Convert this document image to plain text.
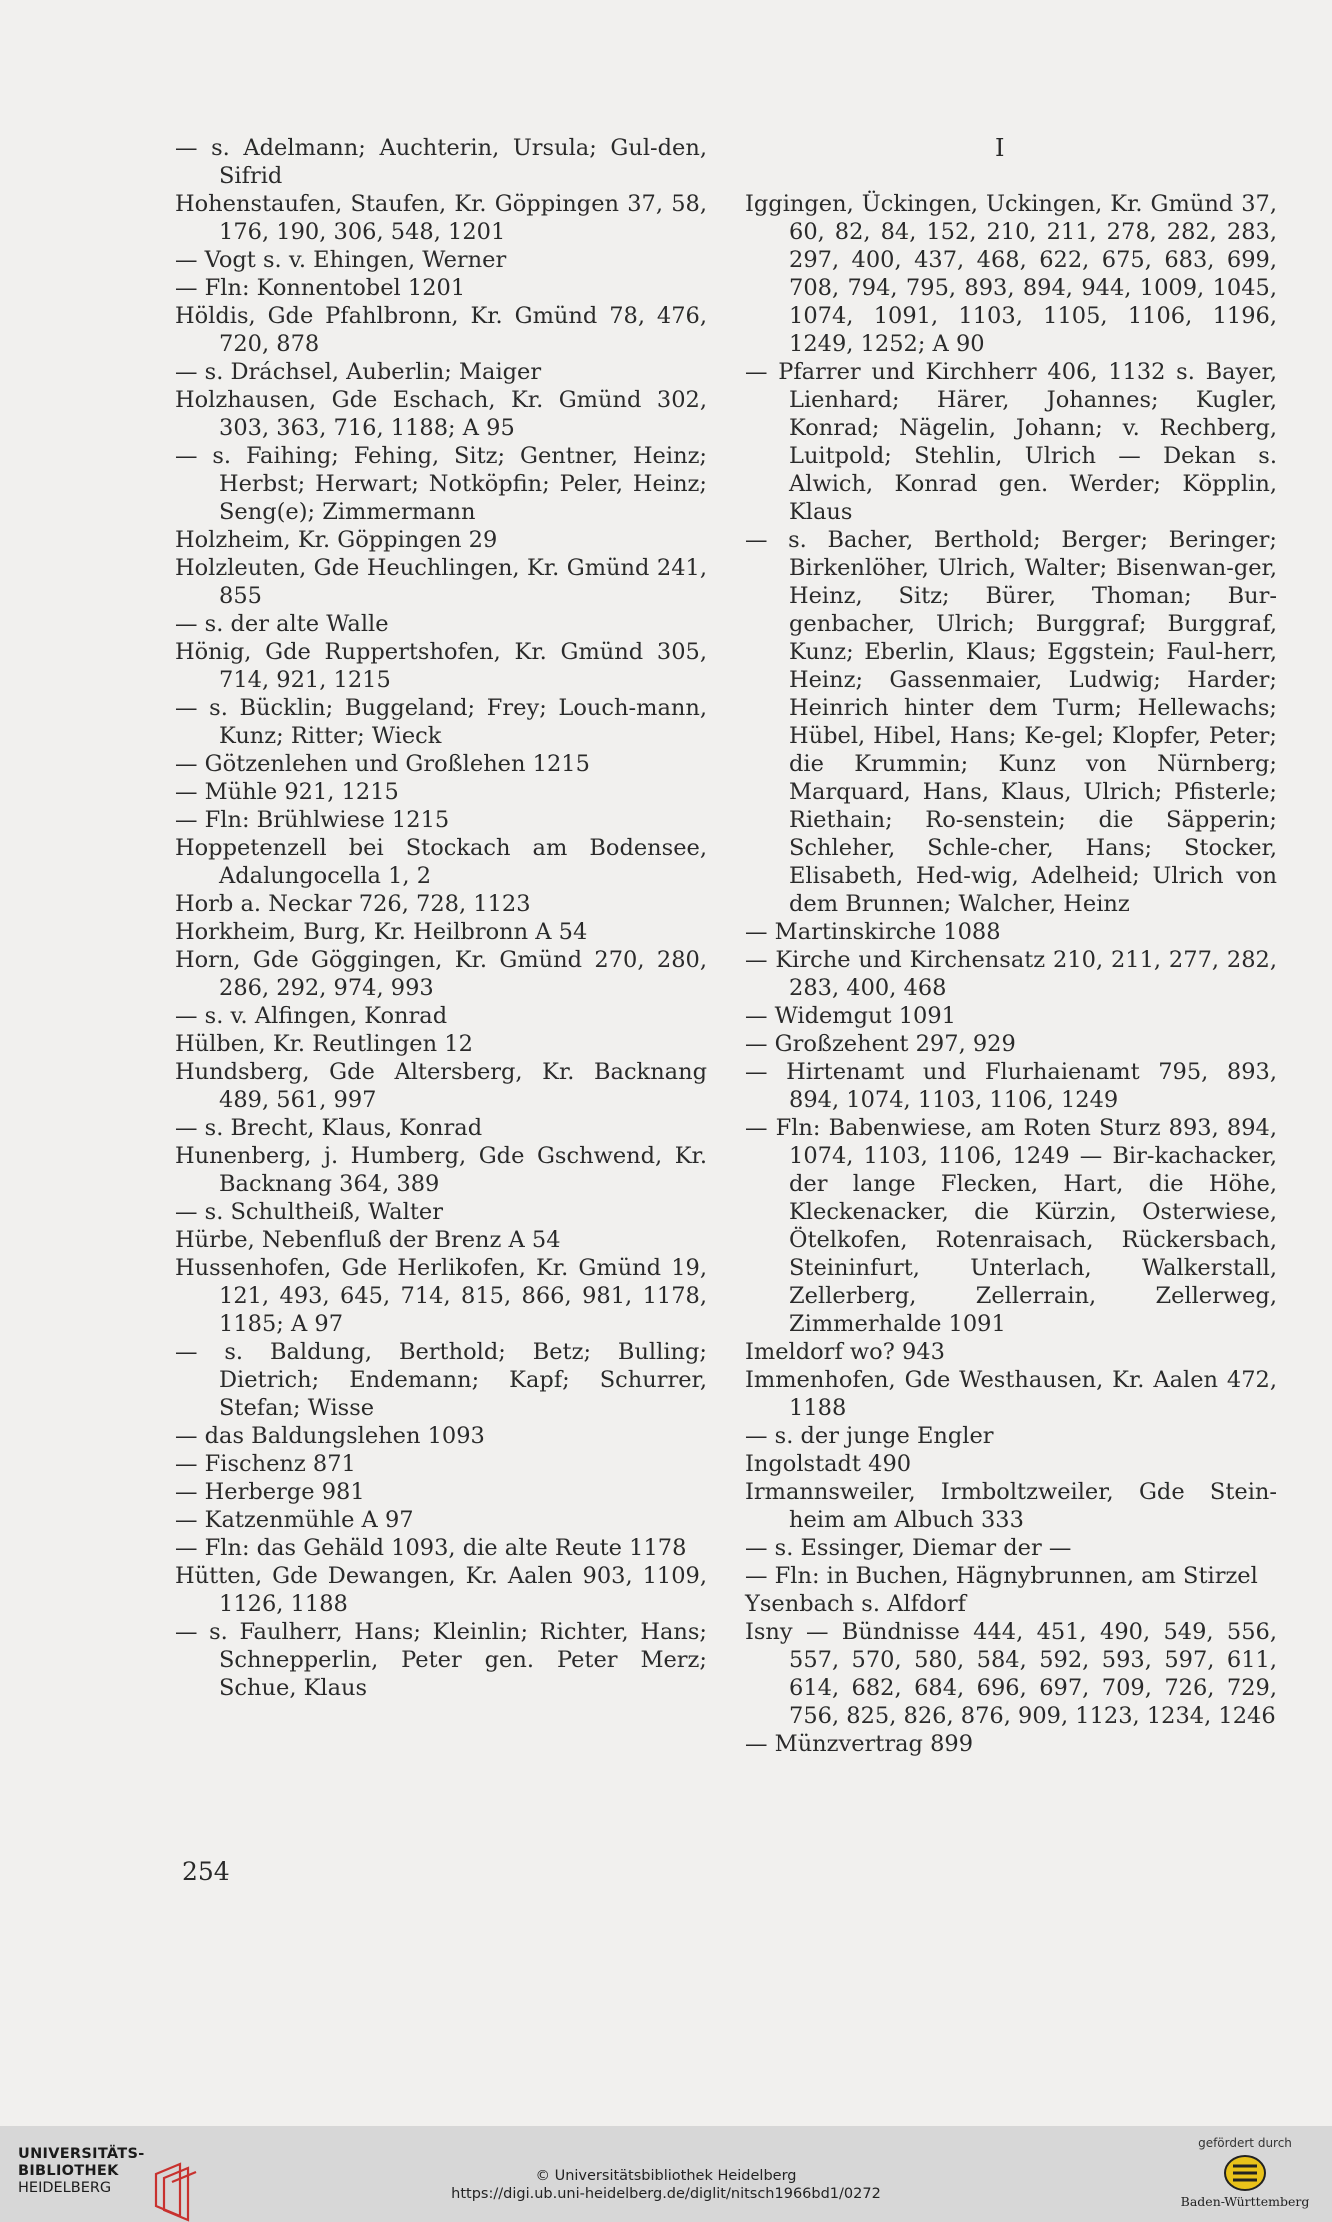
— s. Adelmann; Auchterin, Ursula; Gul-den, Sifrid

Hohenstaufen, Staufen, Kr. Göppingen 37, 58, 176, 190, 306, 548, 1201

— Vogt s. v. Ehingen, Werner

— Fln: Konnentobel 1201

Höldis, Gde Pfahlbronn, Kr. Gmünd 78, 476, 720, 878

— s. Dráchsel, Auberlin; Maiger

Holzhausen, Gde Eschach, Kr. Gmünd 302, 303, 363, 716, 1188; A 95

— s. Faihing; Fehing, Sitz; Gentner, Heinz; Herbst; Herwart; Notköpfin; Peler, Heinz; Seng(e); Zimmermann

Holzheim, Kr. Göppingen 29

Holzleuten, Gde Heuchlingen, Kr. Gmünd 241, 855

— s. der alte Walle

Hönig, Gde Ruppertshofen, Kr. Gmünd 305, 714, 921, 1215

— s. Bücklin; Buggeland; Frey; Louch-mann, Kunz; Ritter; Wieck

— Götzenlehen und Großlehen 1215

— Mühle 921, 1215

— Fln: Brühlwiese 1215

Hoppetenzell bei Stockach am Bodensee, Adalungocella 1, 2

Horb a. Neckar 726, 728, 1123

Horkheim, Burg, Kr. Heilbronn A 54

Horn, Gde Göggingen, Kr. Gmünd 270, 280, 286, 292, 974, 993

— s. v. Alfingen, Konrad

Hülben, Kr. Reutlingen 12

Hundsberg, Gde Altersberg, Kr. Backnang 489, 561, 997

— s. Brecht, Klaus, Konrad

Hunenberg, j. Humberg, Gde Gschwend, Kr. Backnang 364, 389

— s. Schultheiß, Walter

Hürbe, Nebenfluß der Brenz A 54

Hussenhofen, Gde Herlikofen, Kr. Gmünd 19, 121, 493, 645, 714, 815, 866, 981, 1178, 1185; A 97

— s. Baldung, Berthold; Betz; Bulling; Dietrich; Endemann; Kapf; Schurrer, Stefan; Wisse

— das Baldungslehen 1093

— Fischenz 871

— Herberge 981

— Katzenmühle A 97

— Fln: das Gehäld 1093, die alte Reute 1178

Hütten, Gde Dewangen, Kr. Aalen 903, 1109, 1126, 1188

— s. Faulherr, Hans; Kleinlin; Richter, Hans; Schnepperlin, Peter gen. Peter Merz; Schue, Klaus

I

Iggingen, Ückingen, Uckingen, Kr. Gmünd 37, 60, 82, 84, 152, 210, 211, 278, 282, 283, 297, 400, 437, 468, 622, 675, 683, 699, 708, 794, 795, 893, 894, 944, 1009, 1045, 1074, 1091, 1103, 1105, 1106, 1196, 1249, 1252; A 90

— Pfarrer und Kirchherr 406, 1132 s. Bayer, Lienhard; Härer, Johannes; Kugler, Konrad; Nägelin, Johann; v. Rechberg, Luitpold; Stehlin, Ulrich — Dekan s. Alwich, Konrad gen. Werder; Köpplin, Klaus

— s. Bacher, Berthold; Berger; Beringer; Birkenlöher, Ulrich, Walter; Bisenwan-ger, Heinz, Sitz; Bürer, Thoman; Bur-genbacher, Ulrich; Burggraf; Burggraf, Kunz; Eberlin, Klaus; Eggstein; Faul-herr, Heinz; Gassenmaier, Ludwig; Harder; Heinrich hinter dem Turm; Hellewachs; Hübel, Hibel, Hans; Ke-gel; Klopfer, Peter; die Krummin; Kunz von Nürnberg; Marquard, Hans, Klaus, Ulrich; Pfisterle; Riethain; Ro-senstein; die Säpperin; Schleher, Schle-cher, Hans; Stocker, Elisabeth, Hed-wig, Adelheid; Ulrich von dem Brunnen; Walcher, Heinz

— Martinskirche 1088

— Kirche und Kirchensatz 210, 211, 277, 282, 283, 400, 468

— Widemgut 1091

— Großzehent 297, 929

— Hirtenamt und Flurhaienamt 795, 893, 894, 1074, 1103, 1106, 1249

— Fln: Babenwiese, am Roten Sturz 893, 894, 1074, 1103, 1106, 1249 — Bir-kachacker, der lange Flecken, Hart, die Höhe, Kleckenacker, die Kürzin, Osterwiese, Ötelkofen, Rotenraisach, Rückersbach, Steininfurt, Unterlach, Walkerstall, Zellerberg, Zellerrain, Zellerweg, Zimmerhalde 1091

Imeldorf wo? 943

Immenhofen, Gde Westhausen, Kr. Aalen 472, 1188

— s. der junge Engler

Ingolstadt 490

Irmannsweiler, Irmboltzweiler, Gde Stein-heim am Albuch 333

— s. Essinger, Diemar der —

— Fln: in Buchen, Hägnybrunnen, am Stirzel

Ysenbach s. Alfdorf

Isny — Bündnisse 444, 451, 490, 549, 556, 557, 570, 580, 584, 592, 593, 597, 611, 614, 682, 684, 696, 697, 709, 726, 729, 756, 825, 826, 876, 909, 1123, 1234, 1246

— Münzvertrag 899

254
UNIVERSITÄTS-
BIBLIOTHEK
HEIDELBERG
© Universitätsbibliothek Heidelberg
https://digi.ub.uni-heidelberg.de/diglit/nitsch1966bd1/0272
gefördert durch
Baden-Württemberg
